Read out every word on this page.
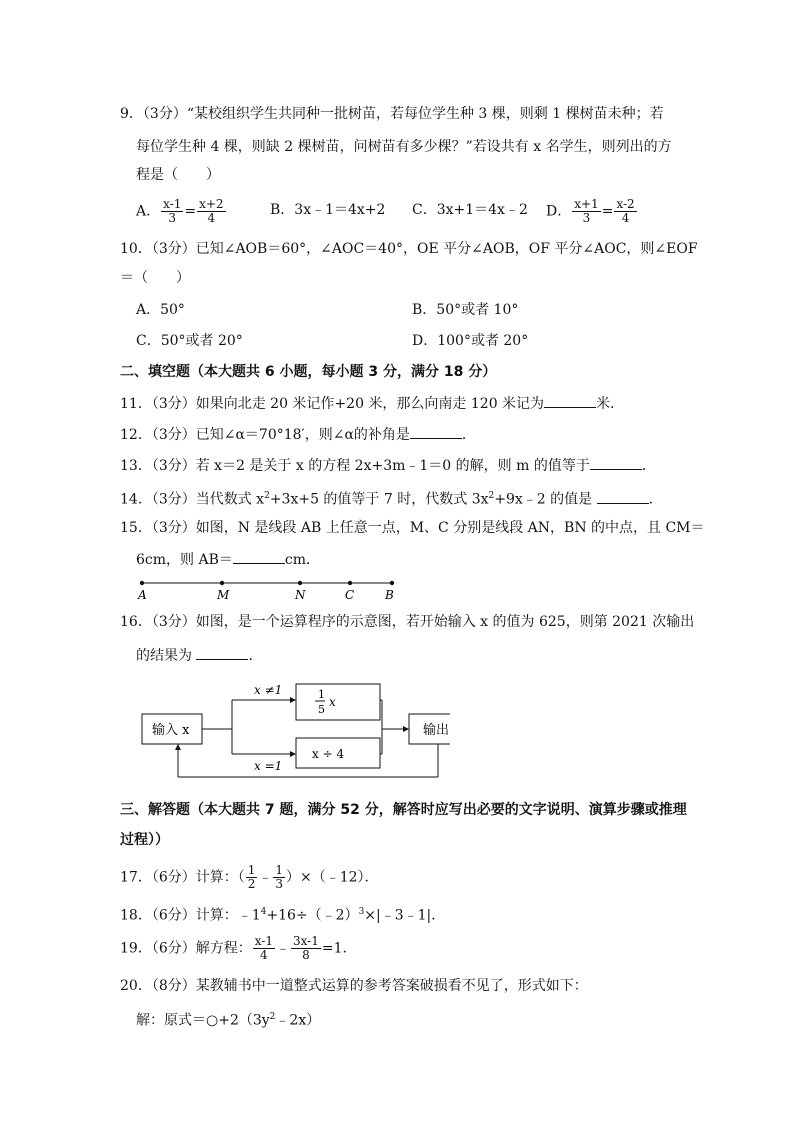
9．（3分）“某校组织学生共同种一批树苗，若每位学生种 3 棵，则剩 1 棵树苗未种；若
每位学生种 4 棵，则缺 2 棵树苗，问树苗有多少棵？”若设共有 x 名学生，则列出的方
程是（　　）
A． $\frac{x-1}{3} = \frac{x+2}{4}$	B．3x﹣1＝4x+2 C．3x+1＝4x﹣2 D． $\frac{x+1}{3} = \frac{x-2}{4}$
10．（3分）已知∠AOB＝60°，∠AOC＝40°，OE 平分∠AOB，OF 平分∠AOC，则∠EOF
＝（　　）
A．50°	B．50°或者 10°
C．50°或者 20°	D．100°或者 20°
二、填空题（本大题共 6 小题，每小题 3 分，满分 18 分）
11．（3分）如果向北走 20 米记作+20 米，那么向南走 120 米记为	米．
12．（3分）已知∠α＝70°18′，则∠α的补角是	．
13．（3分）若 x＝2 是关于 x 的方程 2x+3m﹣1＝0 的解，则 m 的值等于	．
14．（3分）当代数式 $x^2+3x+5$ 的值等于 7 时，代数式 $3x^2+9x﹣2$ 的值是	．
15．（3分）如图，N 是线段 AB 上任意一点，M、C 分别是线段 AN，BN 的中点，且 CM＝
6cm，则 AB＝	cm．
A	M	N	C	B
16．（3分）如图，是一个运算程序的示意图，若开始输入 x 的值为 625，则第 2021 次输出
的结果为	．
输入 x
x ≠1
x =1
1
5
x
x ÷ 4
输出
三、解答题（本大题共 7 题，满分 52 分，解答时应写出必要的文字说明、演算步骤或推理
过程））
17．（6分）计算：（ $\frac{1}{2}$ ﹣ $\frac{1}{3}$ ）×（﹣12）．
18．（6分）计算：$﹣1^4+16\div(﹣2)^3\times|﹣3﹣1|$．
19．（6分）解方程： $\frac{x-1}{4}$ ﹣ $\frac{3x-1}{8} =1$．
20．（8分）某教辅书中一道整式运算的参考答案破损看不见了，形式如下：
解：原式$=○+2(3y^2﹣2x)$
